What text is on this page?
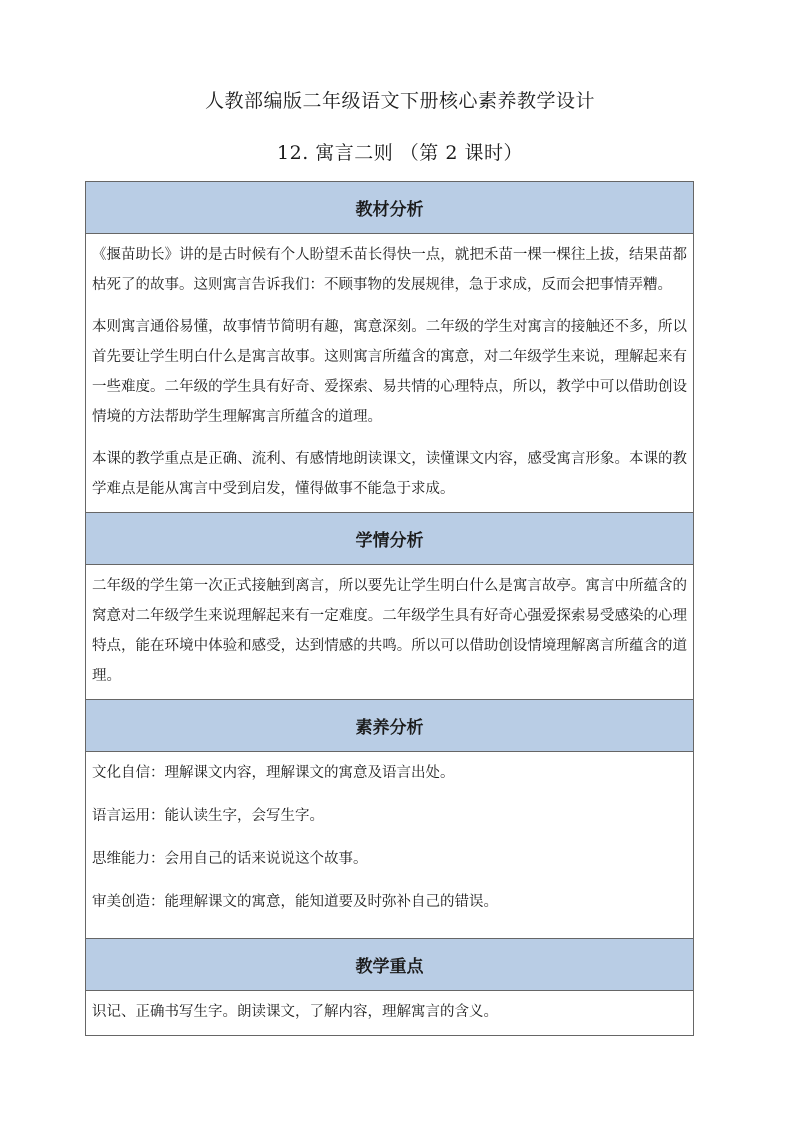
人教部编版二年级语文下册核心素养教学设计
12. 寓言二则 （第 2 课时）
教材分析

《揠苗助长》讲的是古时候有个人盼望禾苗长得快一点，就把禾苗一棵一棵往上拔，结果苗都枯死了的故事。这则寓言告诉我们：不顾事物的发展规律，急于求成，反而会把事情弄糟。

本则寓言通俗易懂，故事情节简明有趣，寓意深刻。二年级的学生对寓言的接触还不多，所以首先要让学生明白什么是寓言故事。这则寓言所蕴含的寓意，对二年级学生来说，理解起来有一些难度。二年级的学生具有好奇、爱探索、易共情的心理特点，所以，教学中可以借助创设情境的方法帮助学生理解寓言所蕴含的道理。

本课的教学重点是正确、流利、有感情地朗读课文，读懂课文内容，感受寓言形象。本课的教学难点是能从寓言中受到启发，懂得做事不能急于求成。

学情分析

二年级的学生第一次正式接触到离言，所以要先让学生明白什么是寓言故亭。寓言中所蕴含的窝意对二年级学生来说理解起来有一定难度。二年级学生具有好奇心强爱探索易受感染的心理特点，能在环境中体验和感受，达到情感的共鸣。所以可以借助创设情境理解离言所蕴含的道理。

素养分析

文化自信：理解课文内容，理解课文的寓意及语言出处。

语言运用：能认读生字，会写生字。

思维能力：会用自己的话来说说这个故事。

审美创造：能理解课文的寓意，能知道要及时弥补自己的错误。

教学重点

识记、正确书写生字。朗读课文，了解内容，理解寓言的含义。
